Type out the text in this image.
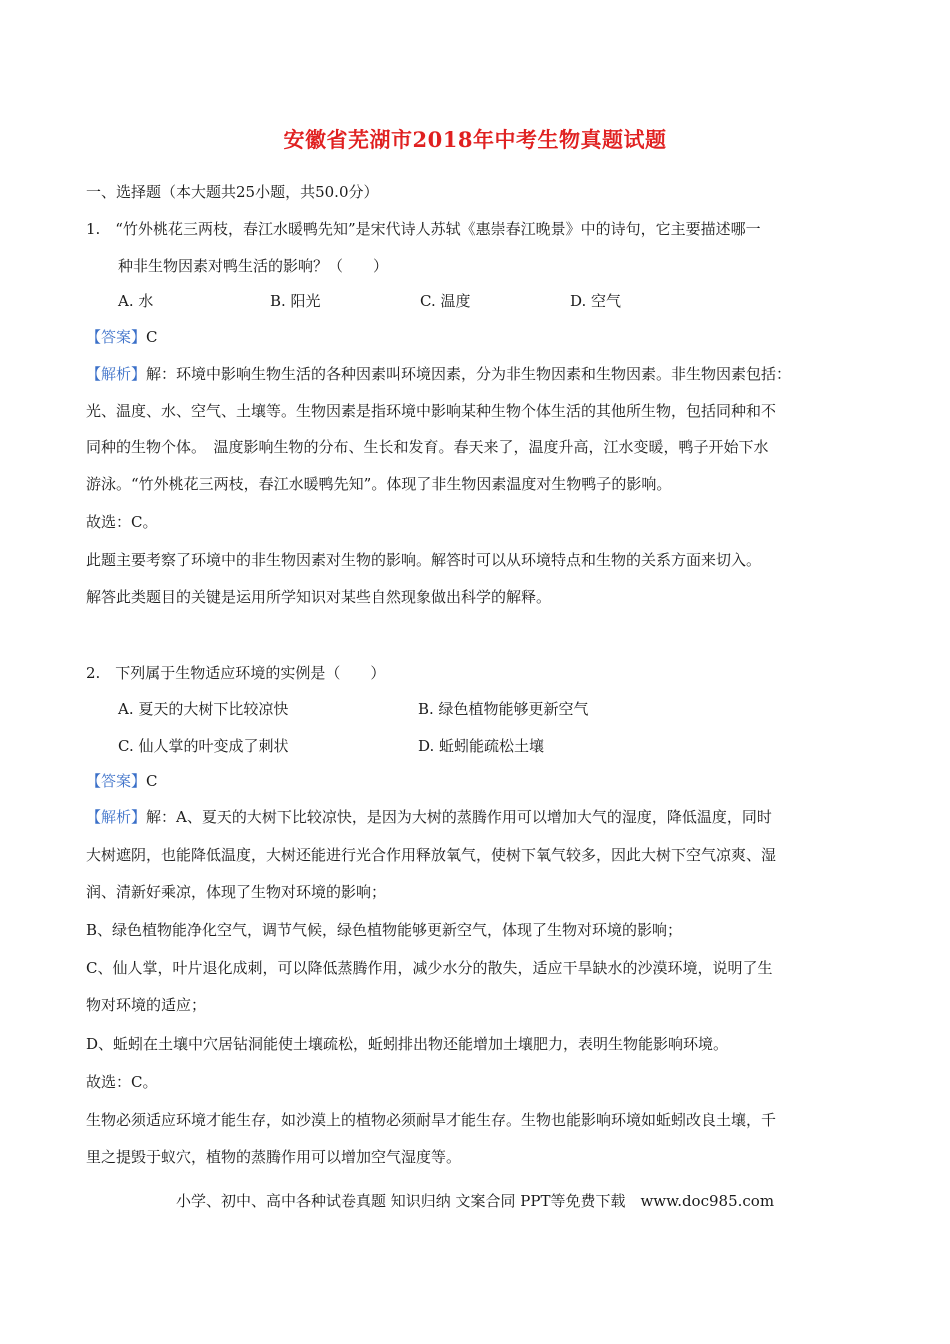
安徽省芜湖市2018年中考生物真题试题
一、选择题（本大题共25小题，共50.0分）
1.　“竹外桃花三两枝，春江水暖鸭先知”是宋代诗人苏轼《惠崇春江晚景》中的诗句，它主要描述哪一
种非生物因素对鸭生活的影响？（　　）
A. 水	B. 阳光	C. 温度	D. 空气
【答案】C
【解析】解：环境中影响生物生活的各种因素叫环境因素，分为非生物因素和生物因素。非生物因素包括：
光、温度、水、空气、土壤等。生物因素是指环境中影响某种生物个体生活的其他所生物，包括同种和不
同种的生物个体。　温度影响生物的分布、生长和发育。春天来了，温度升高，江水变暖，鸭子开始下水
游泳。“竹外桃花三两枝，春江水暖鸭先知”。体现了非生物因素温度对生物鸭子的影响。
故选：C。
此题主要考察了环境中的非生物因素对生物的影响。解答时可以从环境特点和生物的关系方面来切入。
解答此类题目的关键是运用所学知识对某些自然现象做出科学的解释。
2.　下列属于生物适应环境的实例是（　　）
A. 夏天的大树下比较凉快	B. 绿色植物能够更新空气
C. 仙人掌的叶变成了刺状	D. 蚯蚓能疏松土壤
【答案】C
【解析】解：A、夏天的大树下比较凉快，是因为大树的蒸腾作用可以增加大气的湿度，降低温度，同时
大树遮阴，也能降低温度，大树还能进行光合作用释放氧气，使树下氧气较多，因此大树下空气凉爽、湿
润、清新好乘凉，体现了生物对环境的影响；
B、绿色植物能净化空气，调节气候，绿色植物能够更新空气，体现了生物对环境的影响；
C、仙人掌，叶片退化成刺，可以降低蒸腾作用，减少水分的散失，适应干旱缺水的沙漠环境，说明了生
物对环境的适应；
D、蚯蚓在土壤中穴居钻洞能使土壤疏松，蚯蚓排出物还能增加土壤肥力，表明生物能影响环境。
故选：C。
生物必须适应环境才能生存，如沙漠上的植物必须耐旱才能生存。生物也能影响环境如蚯蚓改良土壤，千
里之提毁于蚁穴，植物的蒸腾作用可以增加空气湿度等。
小学、初中、高中各种试卷真题 知识归纳 文案合同 PPT等免费下载　www.doc985.com
